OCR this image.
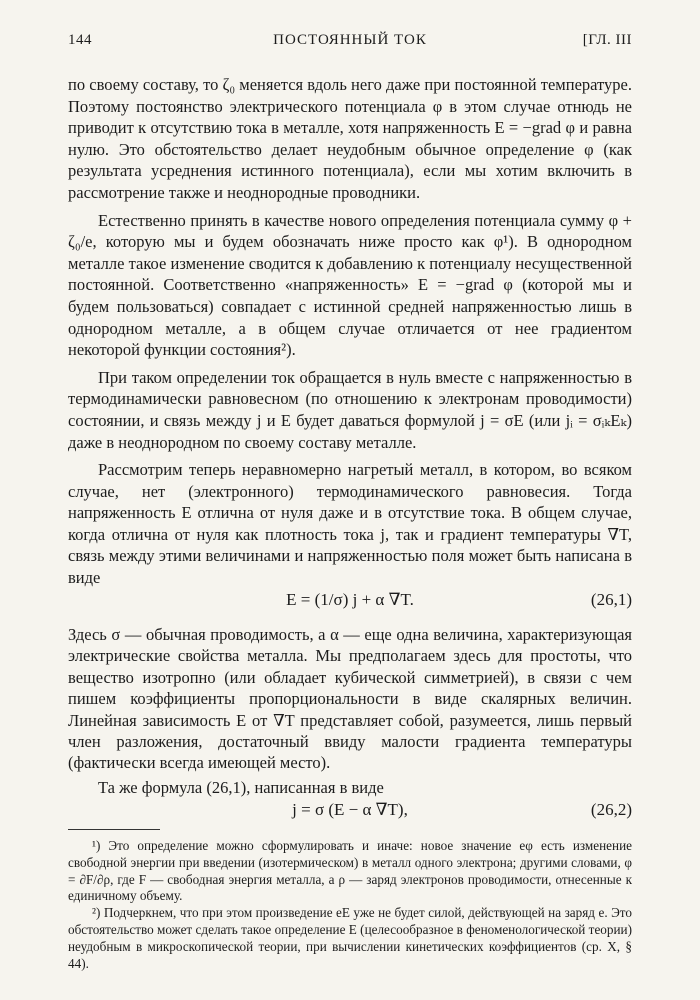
144	ПОСТОЯННЫЙ ТОК	[ГЛ. III

по своему составу, то ζ₀ меняется вдоль него даже при постоянной температуре. Поэтому постоянство электрического потенциала φ в этом случае отнюдь не приводит к отсутствию тока в металле, хотя напряженность E = −grad φ и равна нулю. Это обстоятельство делает неудобным обычное определение φ (как результата усреднения истинного потенциала), если мы хотим включить в рассмотрение также и неоднородные проводники.

Естественно принять в качестве нового определения потенциала сумму φ + ζ₀/e, которую мы и будем обозначать ниже просто как φ¹). В однородном металле такое изменение сводится к добавлению к потенциалу несущественной постоянной. Соответственно «напряженность» E = −grad φ (которой мы и будем пользоваться) совпадает с истинной средней напряженностью лишь в однородном металле, а в общем случае отличается от нее градиентом некоторой функции состояния²).

При таком определении ток обращается в нуль вместе с напряженностью в термодинамически равновесном (по отношению к электронам проводимости) состоянии, и связь между j и E будет даваться формулой j = σE (или jᵢ = σᵢₖEₖ) даже в неоднородном по своему составу металле.

Рассмотрим теперь неравномерно нагретый металл, в котором, во всяком случае, нет (электронного) термодинамического равновесия. Тогда напряженность E отлична от нуля даже и в отсутствие тока. В общем случае, когда отлична от нуля как плотность тока j, так и градиент температуры ∇T, связь между этими величинами и напряженностью поля может быть написана в виде

E = (1/σ) j + α ∇T.	(26,1)

Здесь σ — обычная проводимость, а α — еще одна величина, характеризующая электрические свойства металла. Мы предполагаем здесь для простоты, что вещество изотропно (или обладает кубической симметрией), в связи с чем пишем коэффициенты пропорциональности в виде скалярных величин. Линейная зависимость E от ∇T представляет собой, разумеется, лишь первый член разложения, достаточный ввиду малости градиента температуры (фактически всегда имеющей место).

Та же формула (26,1), написанная в виде

j = σ (E − α ∇T),	(26,2)

¹) Это определение можно сформулировать и иначе: новое значение eφ есть изменение свободной энергии при введении (изотермическом) в металл одного электрона; другими словами, φ = ∂F/∂ρ, где F — свободная энергия металла, а ρ — заряд электронов проводимости, отнесенные к единичному объему.

²) Подчеркнем, что при этом произведение eE уже не будет силой, действующей на заряд e. Это обстоятельство может сделать такое определение E (целесообразное в феноменологической теории) неудобным в микроскопической теории, при вычислении кинетических коэффициентов (ср. X, § 44).
